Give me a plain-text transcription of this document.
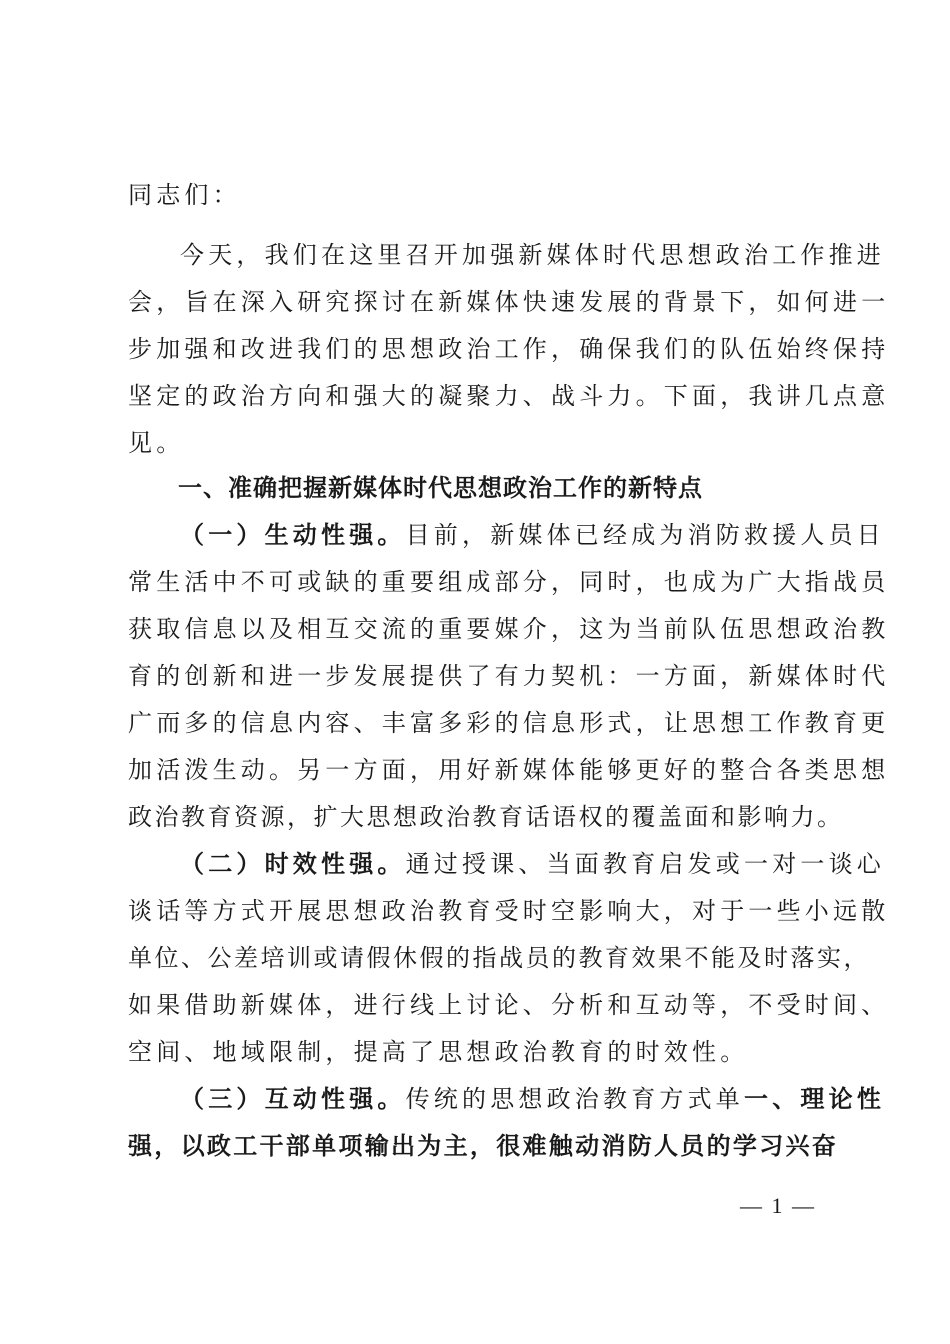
同志们：
今天，我们在这里召开加强新媒体时代思想政治工作推进
会，旨在深入研究探讨在新媒体快速发展的背景下，如何进一
步加强和改进我们的思想政治工作，确保我们的队伍始终保持
坚定的政治方向和强大的凝聚力、战斗力。下面，我讲几点意
见。
一、准确把握新媒体时代思想政治工作的新特点
（一）生动性强。目前，新媒体已经成为消防救援人员日
常生活中不可或缺的重要组成部分，同时，也成为广大指战员
获取信息以及相互交流的重要媒介，这为当前队伍思想政治教
育的创新和进一步发展提供了有力契机：一方面，新媒体时代
广而多的信息内容、丰富多彩的信息形式，让思想工作教育更
加活泼生动。另一方面，用好新媒体能够更好的整合各类思想
政治教育资源，扩大思想政治教育话语权的覆盖面和影响力。
（二）时效性强。通过授课、当面教育启发或一对一谈心
谈话等方式开展思想政治教育受时空影响大，对于一些小远散
单位、公差培训或请假休假的指战员的教育效果不能及时落实，
如果借助新媒体，进行线上讨论、分析和互动等，不受时间、
空间、地域限制，提高了思想政治教育的时效性。
（三）互动性强。传统的思想政治教育方式单一、理论性
强，以政工干部单项输出为主，很难触动消防人员的学习兴奋
— 1 —
